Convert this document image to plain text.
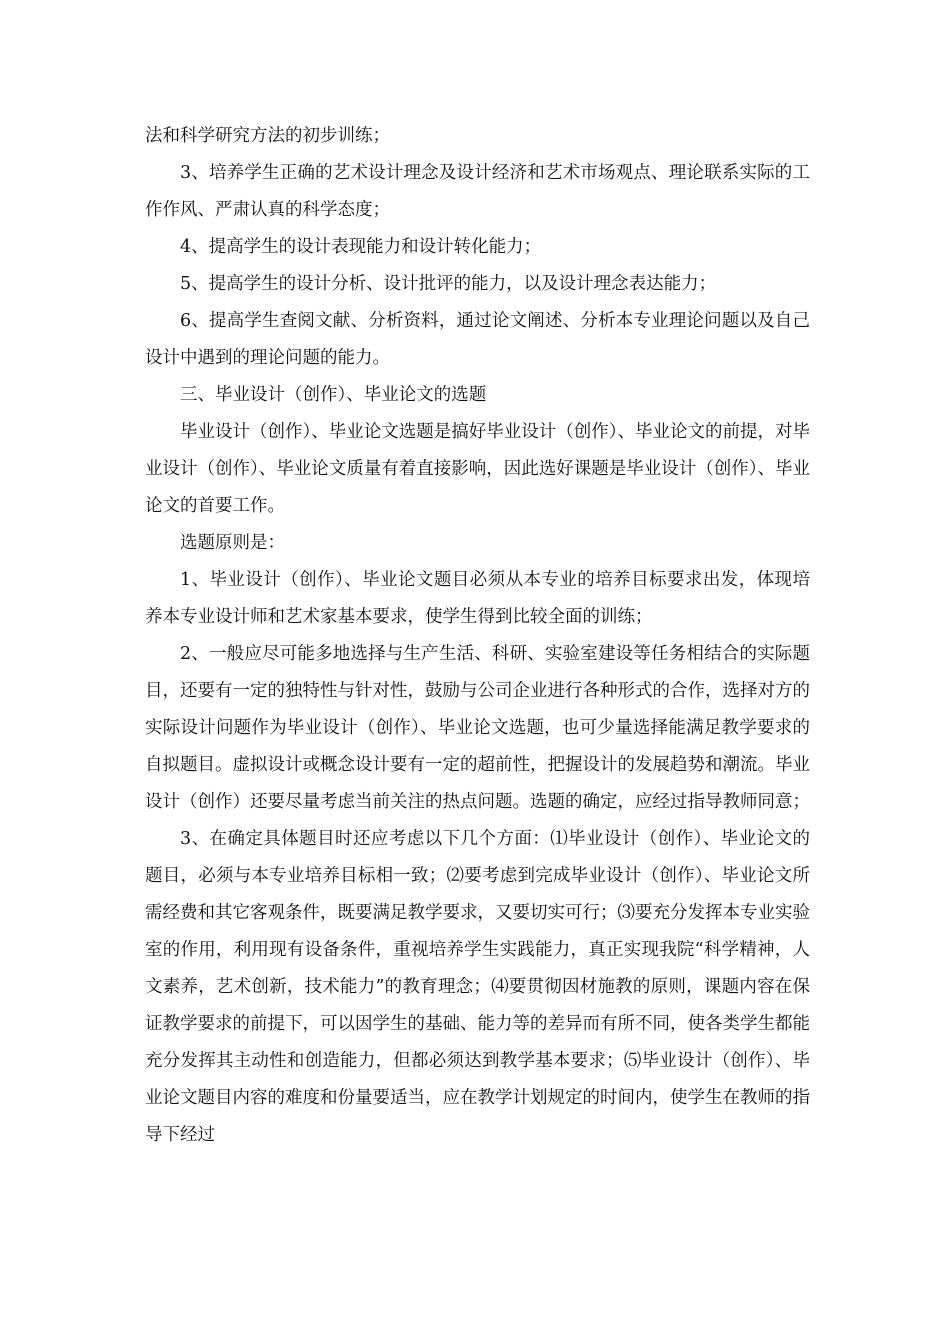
法和科学研究方法的初步训练；

3、培养学生正确的艺术设计理念及设计经济和艺术市场观点、理论联系实际的工作作风、严肃认真的科学态度；

4、提高学生的设计表现能力和设计转化能力；

5、提高学生的设计分析、设计批评的能力，以及设计理念表达能力；

6、提高学生查阅文献、分析资料，通过论文阐述、分析本专业理论问题以及自己设计中遇到的理论问题的能力。

三、毕业设计（创作）、毕业论文的选题

毕业设计（创作）、毕业论文选题是搞好毕业设计（创作）、毕业论文的前提，对毕业设计（创作）、毕业论文质量有着直接影响，因此选好课题是毕业设计（创作）、毕业论文的首要工作。

选题原则是：

1、毕业设计（创作）、毕业论文题目必须从本专业的培养目标要求出发，体现培养本专业设计师和艺术家基本要求，使学生得到比较全面的训练；

2、一般应尽可能多地选择与生产生活、科研、实验室建设等任务相结合的实际题目，还要有一定的独特性与针对性，鼓励与公司企业进行各种形式的合作，选择对方的实际设计问题作为毕业设计（创作）、毕业论文选题，也可少量选择能满足教学要求的自拟题目。虚拟设计或概念设计要有一定的超前性，把握设计的发展趋势和潮流。毕业设计（创作）还要尽量考虑当前关注的热点问题。选题的确定，应经过指导教师同意；

3、在确定具体题目时还应考虑以下几个方面：⑴毕业设计（创作）、毕业论文的题目，必须与本专业培养目标相一致；⑵要考虑到完成毕业设计（创作）、毕业论文所需经费和其它客观条件，既要满足教学要求，又要切实可行；⑶要充分发挥本专业实验室的作用，利用现有设备条件，重视培养学生实践能力，真正实现我院“科学精神，人文素养，艺术创新，技术能力”的教育理念；⑷要贯彻因材施教的原则，课题内容在保证教学要求的前提下，可以因学生的基础、能力等的差异而有所不同，使各类学生都能充分发挥其主动性和创造能力，但都必须达到教学基本要求；⑸毕业设计（创作）、毕业论文题目内容的难度和份量要适当，应在教学计划规定的时间内，使学生在教师的指导下经过
